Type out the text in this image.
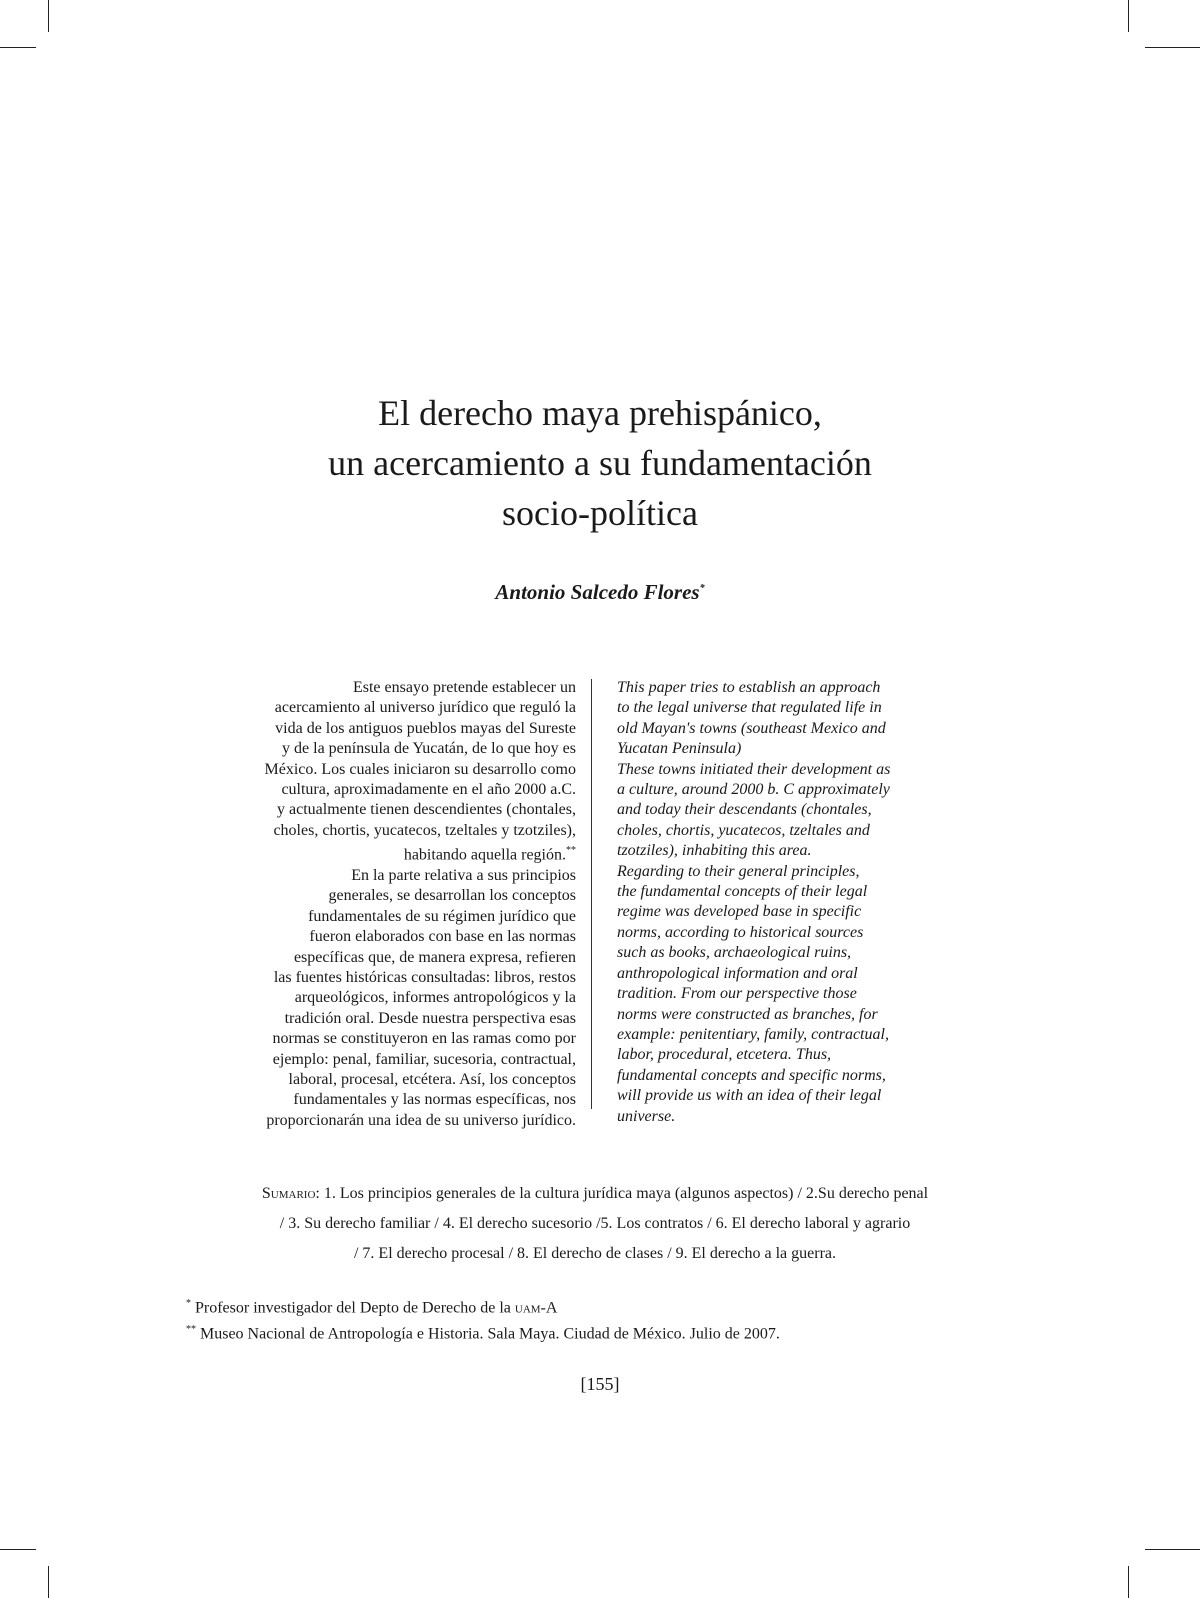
El derecho maya prehispánico,
un acercamiento a su fundamentación
socio-política
Antonio Salcedo Flores*

Este ensayo pretende establecer un
acercamiento al universo jurídico que reguló la
vida de los antiguos pueblos mayas del Sureste
y de la península de Yucatán, de lo que hoy es
México. Los cuales iniciaron su desarrollo como
cultura, aproximadamente en el año 2000 a.C.
y actualmente tienen descendientes (chontales,
choles, chortis, yucatecos, tzeltales y tzotziles),
habitando aquella región.**

En la parte relativa a sus principios
generales, se desarrollan los conceptos
fundamentales de su régimen jurídico que
fueron elaborados con base en las normas
específicas que, de manera expresa, refieren
las fuentes históricas consultadas: libros, restos
arqueológicos, informes antropológicos y la
tradición oral. Desde nuestra perspectiva esas
normas se constituyeron en las ramas como por
ejemplo: penal, familiar, sucesoria, contractual,
laboral, procesal, etcétera. Así, los conceptos
fundamentales y las normas específicas, nos
proporcionarán una idea de su universo jurídico.

This paper tries to establish an approach
to the legal universe that regulated life in
old Mayan's towns (southeast Mexico and
Yucatan Peninsula)
These towns initiated their development as
a culture, around 2000 b. C approximately
and today their descendants (chontales,
choles, chortis, yucatecos, tzeltales and
tzotziles), inhabiting this area.
Regarding to their general principles,
the fundamental concepts of their legal
regime was developed base in specific
norms, according to historical sources
such as books, archaeological ruins,
anthropological information and oral
tradition. From our perspective those
norms were constructed as branches, for
example: penitentiary, family, contractual,
labor, procedural, etcetera. Thus,
fundamental concepts and specific norms,
will provide us with an idea of their legal
universe.

Sumario: 1. Los principios generales de la cultura jurídica maya (algunos aspectos) / 2.Su derecho penal
/ 3. Su derecho familiar / 4. El derecho sucesorio /5. Los contratos / 6. El derecho laboral y agrario
/ 7. El derecho procesal / 8. El derecho de clases / 9. El derecho a la guerra.
* Profesor investigador del Depto de Derecho de la uam-A
** Museo Nacional de Antropología e Historia. Sala Maya. Ciudad de México. Julio de 2007.
[155]
